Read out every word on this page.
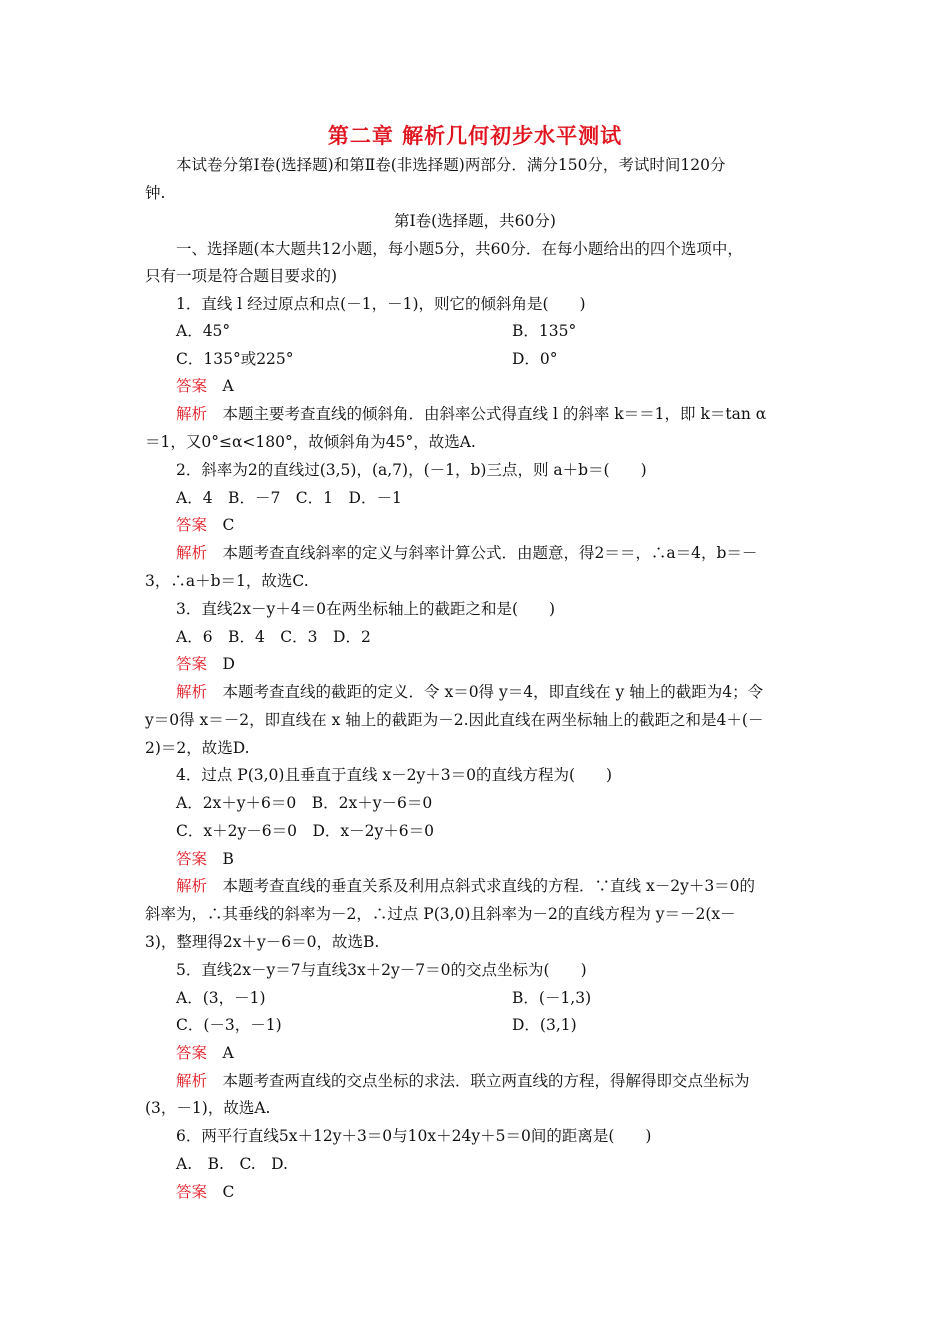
第二章 解析几何初步水平测试
本试卷分第Ⅰ卷(选择题)和第Ⅱ卷(非选择题)两部分．满分150分，考试时间120分
钟.
第Ⅰ卷(选择题，共60分)
一、选择题(本大题共12小题，每小题5分，共60分．在每小题给出的四个选项中，
只有一项是符合题目要求的)
1．直线 l 经过原点和点(－1，－1)，则它的倾斜角是(　　)
A．45°	B．135°
C．135°或225°	D．0°
答案　 A
解析　 本题主要考查直线的倾斜角．由斜率公式得直线 l 的斜率 k＝＝1，即 k＝tan α
＝1，又0°≤α<180°，故倾斜角为45°，故选A.
2．斜率为2的直线过(3,5)，(a,7)，(－1，b)三点，则 a＋b＝(　　)
A．4　B．－7　C．1　D．－1
答案　 C
解析　 本题考查直线斜率的定义与斜率计算公式．由题意，得2＝＝，∴a＝4，b＝－
3，∴a＋b＝1，故选C.
3．直线2x－y＋4＝0在两坐标轴上的截距之和是(　　)
A．6　B．4　C．3　D．2
答案　 D
解析　 本题考查直线的截距的定义．令 x＝0得 y＝4，即直线在 y 轴上的截距为4；令
y＝0得 x＝－2，即直线在 x 轴上的截距为－2.因此直线在两坐标轴上的截距之和是4＋(－
2)＝2，故选D.
4．过点 P(3,0)且垂直于直线 x－2y＋3＝0的直线方程为(　　)
A．2x＋y＋6＝0　B．2x＋y－6＝0
C．x＋2y－6＝0　D．x－2y＋6＝0
答案　 B
解析　 本题考查直线的垂直关系及利用点斜式求直线的方程．∵直线 x－2y＋3＝0的
斜率为，∴其垂线的斜率为－2，∴过点 P(3,0)且斜率为－2的直线方程为 y＝－2(x－
3)，整理得2x＋y－6＝0，故选B.
5．直线2x－y＝7与直线3x＋2y－7＝0的交点坐标为(　　)
A．(3，－1)	B．(－1,3)
C．(－3，－1)	D．(3,1)
答案　 A
解析　 本题考查两直线的交点坐标的求法．联立两直线的方程，得解得即交点坐标为
(3，－1)，故选A.
6．两平行直线5x＋12y＋3＝0与10x＋24y＋5＝0间的距离是(　　)
A.　B.　C.　D.
答案　 C
